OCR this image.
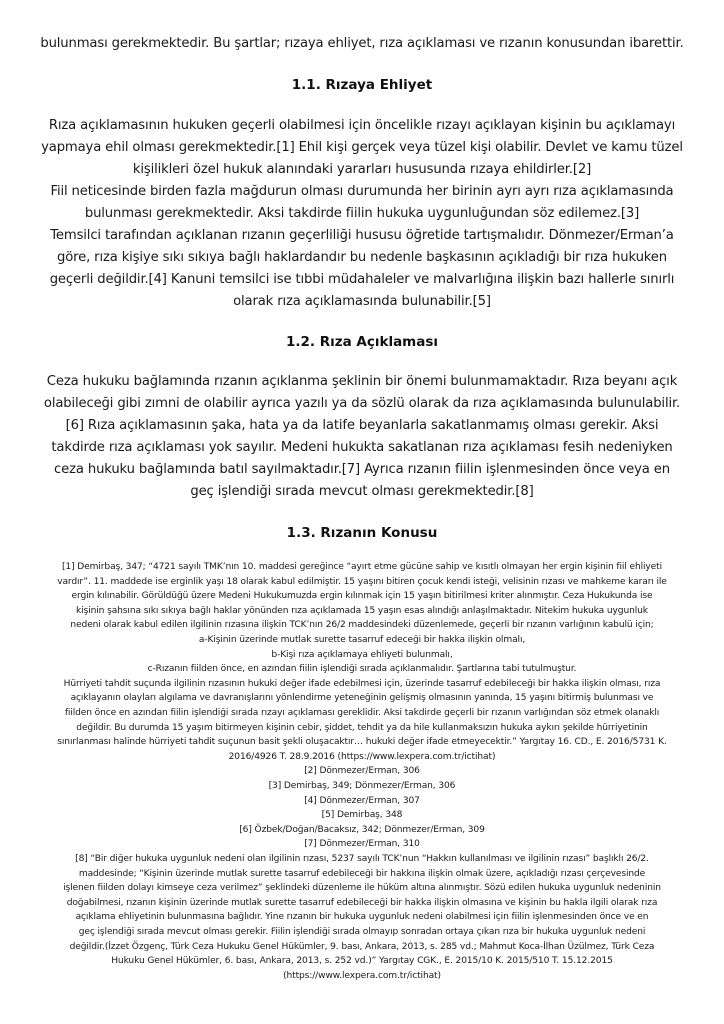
bulunması gerekmektedir. Bu şartlar; rızaya ehliyet, rıza açıklaması ve rızanın konusundan ibarettir.
1.1. Rızaya Ehliyet
Rıza açıklamasının hukuken geçerli olabilmesi için öncelikle rızayı açıklayan kişinin bu açıklamayı
yapmaya ehil olması gerekmektedir.[1] Ehil kişi gerçek veya tüzel kişi olabilir. Devlet ve kamu tüzel
kişilikleri özel hukuk alanındaki yararları hususunda rızaya ehildirler.[2]
Fiil neticesinde birden fazla mağdurun olması durumunda her birinin ayrı ayrı rıza açıklamasında
bulunması gerekmektedir. Aksi takdirde fiilin hukuka uygunluğundan söz edilemez.[3]
Temsilci tarafından açıklanan rızanın geçerliliği hususu öğretide tartışmalıdır. Dönmezer/Erman’a
göre, rıza kişiye sıkı sıkıya bağlı haklardandır bu nedenle başkasının açıkladığı bir rıza hukuken
geçerli değildir.[4] Kanuni temsilci ise tıbbi müdahaleler ve malvarlığına ilişkin bazı hallerle sınırlı
olarak rıza açıklamasında bulunabilir.[5]
1.2. Rıza Açıklaması
Ceza hukuku bağlamında rızanın açıklanma şeklinin bir önemi bulunmamaktadır. Rıza beyanı açık
olabileceği gibi zımni de olabilir ayrıca yazılı ya da sözlü olarak da rıza açıklamasında bulunulabilir.
[6] Rıza açıklamasının şaka, hata ya da latife beyanlarla sakatlanmamış olması gerekir. Aksi
takdirde rıza açıklaması yok sayılır. Medeni hukukta sakatlanan rıza açıklaması fesih nedeniyken
ceza hukuku bağlamında batıl sayılmaktadır.[7] Ayrıca rızanın fiilin işlenmesinden önce veya en
geç işlendiği sırada mevcut olması gerekmektedir.[8]
1.3. Rızanın Konusu
[1] Demirbaş, 347; “4721 sayılı TMK’nın 10. maddesi gereğince “ayırt etme gücüne sahip ve kısıtlı olmayan her ergin kişinin fiil ehliyeti
vardır”. 11. maddede ise erginlik yaşı 18 olarak kabul edilmiştir. 15 yaşını bitiren çocuk kendi isteği, velisinin rızası ve mahkeme kararı ile
ergin kılınabilir. Görüldüğü üzere Medeni Hukukumuzda ergin kılınmak için 15 yaşın bitirilmesi kriter alınmıştır. Ceza Hukukunda ise
kişinin şahsına sıkı sıkıya bağlı haklar yönünden rıza açıklamada 15 yaşın esas alındığı anlaşılmaktadır. Nitekim hukuka uygunluk
nedeni olarak kabul edilen ilgilinin rızasına ilişkin TCK’nın 26/2 maddesindeki düzenlemede, geçerli bir rızanın varlığının kabulü için;
a-Kişinin üzerinde mutlak surette tasarruf edeceği bir hakka ilişkin olmalı,
b-Kişi rıza açıklamaya ehliyeti bulunmalı,
c-Rızanın fiilden önce, en azından fiilin işlendiği sırada açıklanmalıdır. Şartlarına tabi tutulmuştur.
Hürriyeti tahdit suçunda ilgilinin rızasının hukuki değer ifade edebilmesi için, üzerinde tasarruf edebileceği bir hakka ilişkin olması, rıza
açıklayanın olayları algılama ve davranışlarını yönlendirme yeteneğinin gelişmiş olmasının yanında, 15 yaşını bitirmiş bulunması ve
fiilden önce en azından fiilin işlendiği sırada rızayı açıklaması gereklidir. Aksi takdirde geçerli bir rızanın varlığından söz etmek olanaklı
değildir. Bu durumda 15 yaşım bitirmeyen kişinin cebir, şiddet, tehdit ya da hile kullanmaksızın hukuka aykırı şekilde hürriyetinin
sınırlanması halinde hürriyeti tahdit suçunun basit şekli oluşacaktır… hukuki değer ifade etmeyecektir.” Yargıtay 16. CD., E. 2016/5731 K.
2016/4926 T. 28.9.2016 (https://www.lexpera.com.tr/ictihat)
[2] Dönmezer/Erman, 306
[3] Demirbaş, 349; Dönmezer/Erman, 306
[4] Dönmezer/Erman, 307
[5] Demirbaş, 348
[6] Özbek/Doğan/Bacaksız, 342; Dönmezer/Erman, 309
[7] Dönmezer/Erman, 310
[8] “Bir diğer hukuka uygunluk nedeni olan ilgilinin rızası, 5237 sayılı TCK’nun “Hakkın kullanılması ve ilgilinin rızası” başlıklı 26/2.
maddesinde; “Kişinin üzerinde mutlak surette tasarruf edebileceği bir hakkına ilişkin olmak üzere, açıkladığı rızası çerçevesinde
işlenen fiilden dolayı kimseye ceza verilmez” şeklindeki düzenleme ile hüküm altına alınmıştır. Sözü edilen hukuka uygunluk nedeninin
doğabilmesi, rızanın kişinin üzerinde mutlak surette tasarruf edebileceği bir hakka ilişkin olmasına ve kişinin bu hakla ilgili olarak rıza
açıklama ehliyetinin bulunmasına bağlıdır. Yine rızanın bir hukuka uygunluk nedeni olabilmesi için fiilin işlenmesinden önce ve en
geç işlendiği sırada mevcut olması gerekir. Fiilin işlendiği sırada olmayıp sonradan ortaya çıkan rıza bir hukuka uygunluk nedeni
değildir.(İzzet Özgenç, Türk Ceza Hukuku Genel Hükümler, 9. bası, Ankara, 2013, s. 285 vd.; Mahmut Koca-İlhan Üzülmez, Türk Ceza
Hukuku Genel Hükümler, 6. bası, Ankara, 2013, s. 252 vd.)” Yargıtay CGK., E. 2015/10 K. 2015/510 T. 15.12.2015
(https://www.lexpera.com.tr/ictihat)
